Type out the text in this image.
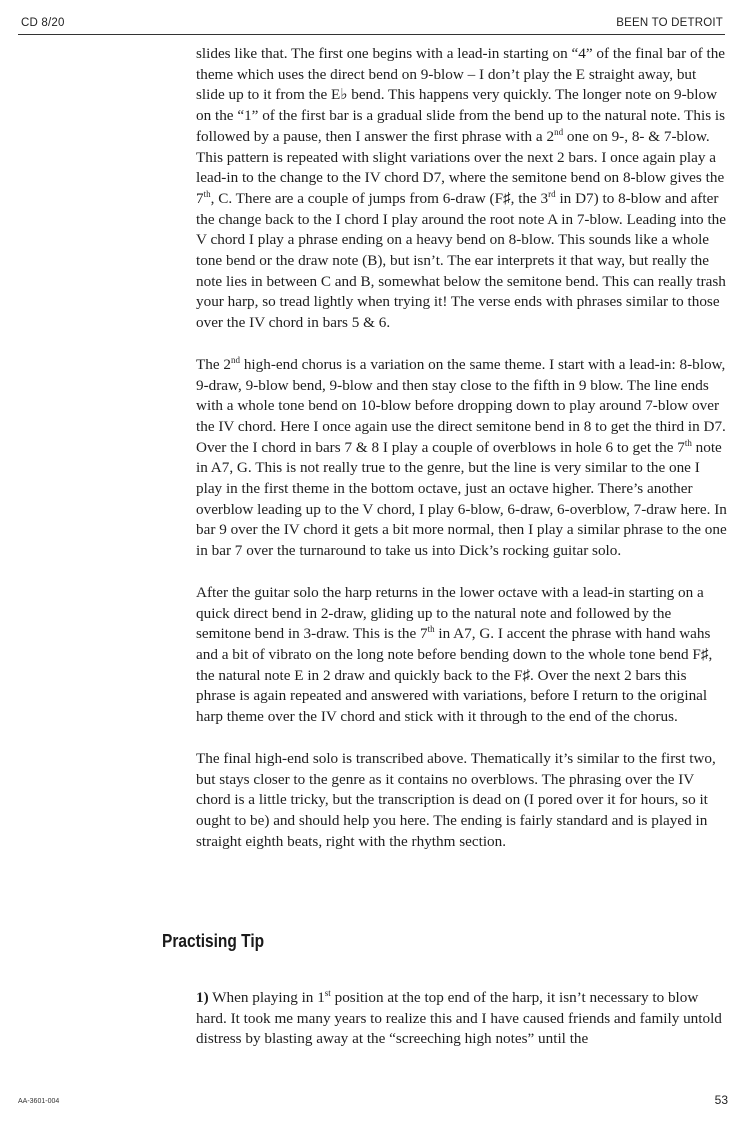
CD 8/20	BEEN TO DETROIT

slides like that. The first one begins with a lead-in starting on “4” of the final bar of the theme which uses the direct bend on 9-blow – I don’t play the E straight away, but slide up to it from the E♭ bend. This happens very quickly. The longer note on 9-blow on the “1” of the first bar is a gradual slide from the bend up to the natural note. This is followed by a pause, then I answer the first phrase with a 2nd one on 9-, 8- & 7-blow. This pattern is repeated with slight variations over the next 2 bars. I once again play a lead-in to the change to the IV chord D7, where the semitone bend on 8-blow gives the 7th, C. There are a couple of jumps from 6-draw (F♯, the 3rd in D7) to 8-blow and after the change back to the I chord I play around the root note A in 7-blow. Leading into the V chord I play a phrase ending on a heavy bend on 8-blow. This sounds like a whole tone bend or the draw note (B), but isn’t. The ear interprets it that way, but really the note lies in between C and B, somewhat below the semitone bend. This can really trash your harp, so tread lightly when trying it! The verse ends with phrases similar to those over the IV chord in bars 5 & 6.

The 2nd high-end chorus is a variation on the same theme. I start with a lead-in: 8-blow, 9-draw, 9-blow bend, 9-blow and then stay close to the fifth in 9 blow. The line ends with a whole tone bend on 10-blow before dropping down to play around 7-blow over the IV chord. Here I once again use the direct semitone bend in 8 to get the third in D7. Over the I chord in bars 7 & 8 I play a couple of overblows in hole 6 to get the 7th note in A7, G. This is not really true to the genre, but the line is very similar to the one I play in the first theme in the bottom octave, just an octave higher. There’s another overblow leading up to the V chord, I play 6-blow, 6-draw, 6-overblow, 7-draw here. In bar 9 over the IV chord it gets a bit more normal, then I play a similar phrase to the one in bar 7 over the turnaround to take us into Dick’s rocking guitar solo.

After the guitar solo the harp returns in the lower octave with a lead-in starting on a quick direct bend in 2-draw, gliding up to the natural note and followed by the semitone bend in 3-draw. This is the 7th in A7, G. I accent the phrase with hand wahs and a bit of vibrato on the long note before bending down to the whole tone bend F♯, the natural note E in 2 draw and quickly back to the F♯. Over the next 2 bars this phrase is again repeated and answered with variations, before I return to the original harp theme over the IV chord and stick with it through to the end of the chorus.

The final high-end solo is transcribed above. Thematically it’s similar to the first two, but stays closer to the genre as it contains no overblows. The phrasing over the IV chord is a little tricky, but the transcription is dead on (I pored over it for hours, so it ought to be) and should help you here. The ending is fairly standard and is played in straight eighth beats, right with the rhythm section.

Practising Tip

1) When playing in 1st position at the top end of the harp, it isn’t necessary to blow hard. It took me many years to realize this and I have caused friends and family untold distress by blasting away at the “screeching high notes” until the

AA-3601-004	53
